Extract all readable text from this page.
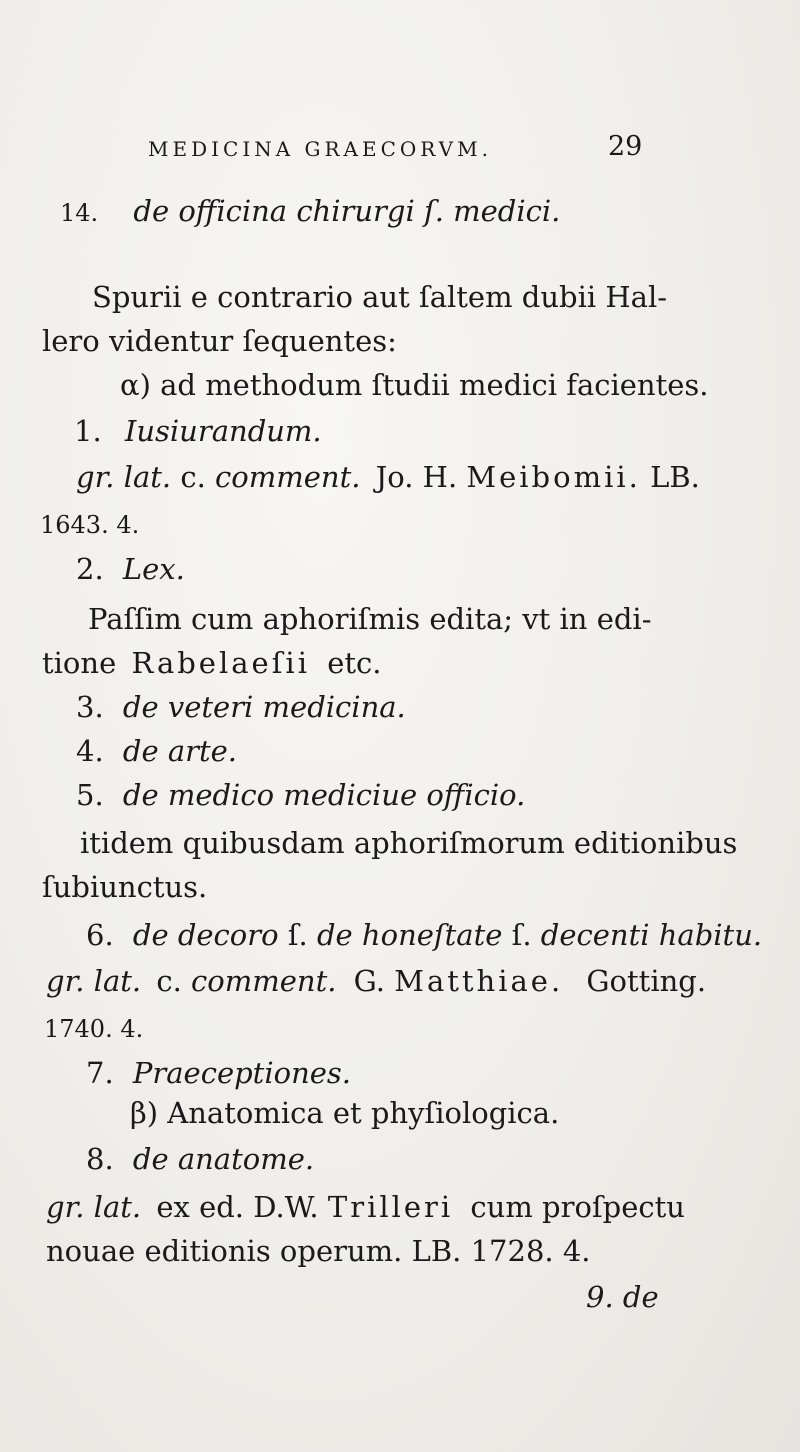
MEDICINA GRAECORVM.	29
14. de officina chirurgi ſ. medici.
Spurii e contrario aut ſaltem dubii Hal-
lero videntur ſequentes:
α) ad methodum ſtudii medici facientes.
1. Iusiurandum.
gr. lat. c. comment. Jo. H. Meibomii. LB.
1643. 4.
2. Lex.
Paſſim cum aphoriſmis edita; vt in edi-
tione Rabelaeſii etc.
3. de veteri medicina.
4. de arte.
5. de medico mediciue officio.
itidem quibusdam aphoriſmorum editionibus
ſubiunctus.
6. de decoro ſ. de honeſtate ſ. decenti habitu.
gr. lat. c. comment. G. Matthiae. Gotting.
1740. 4.
7. Praeceptiones.
β) Anatomica et phyſiologica.
8. de anatome.
gr. lat. ex ed. D.W. Trilleri cum proſpectu
nouae editionis operum. LB. 1728. 4.
9. de
